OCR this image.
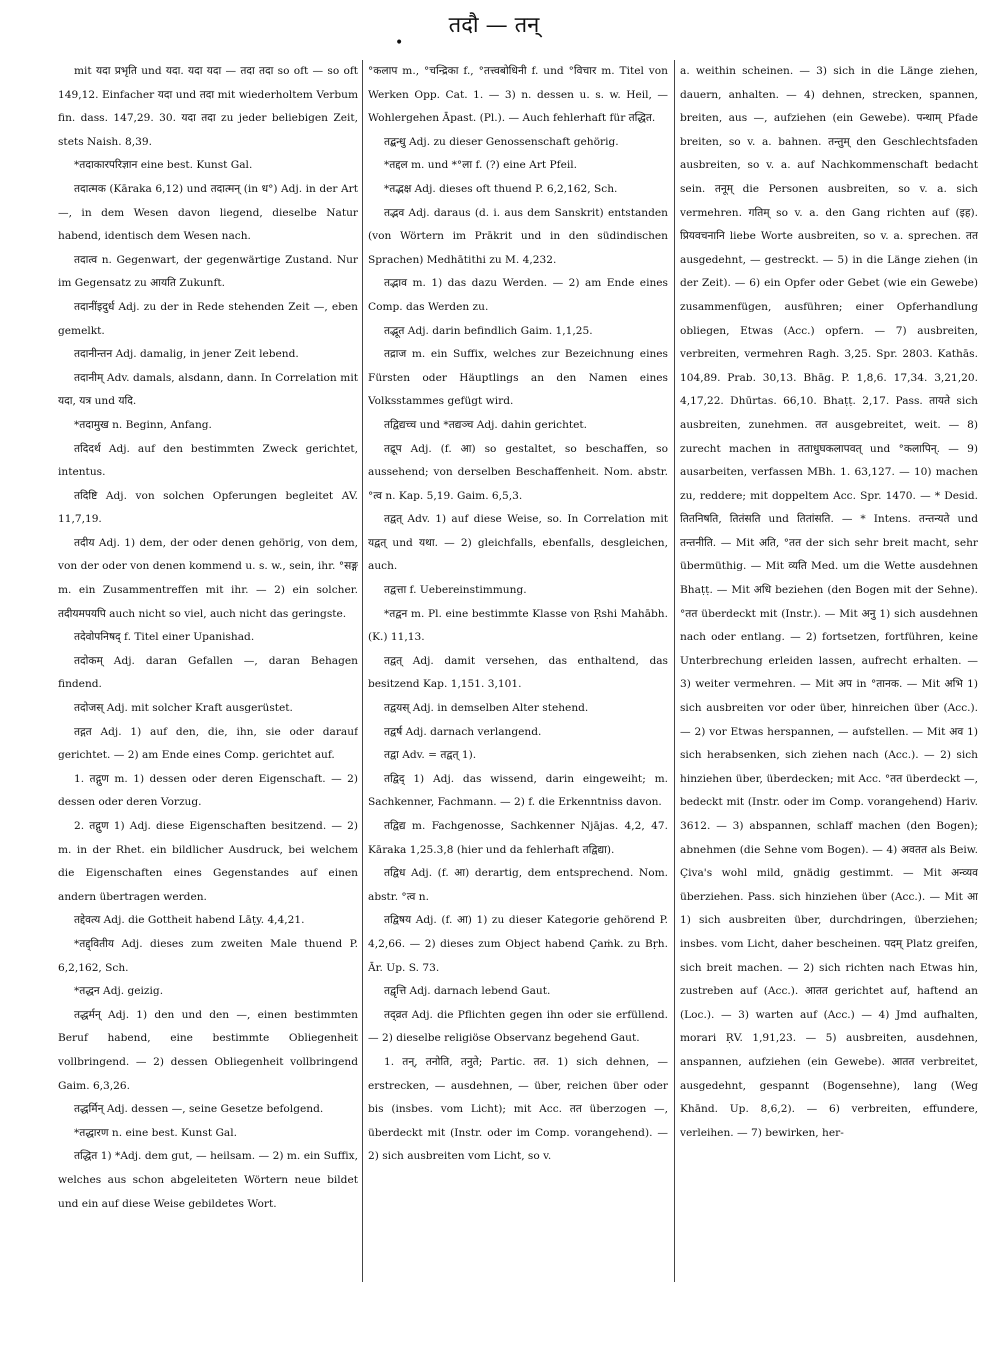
तदौ — तन्
•

mit यदा प्रभृति und यदा. यदा यदा — तदा तदा so oft — so oft 149,12. Einfacher यदा und तदा mit wiederholtem Verbum fin. dass. 147,29. 30. यदा तदा zu jeder beliebigen Zeit, stets Naish. 8,39.

*तदाकारपरिज्ञान eine best. Kunst Gal.

तदात्मक (Kāraka 6,12) und तदात्मन् (in ध°) Adj. in der Art —, in dem Wesen davon liegend, dieselbe Natur habend, identisch dem Wesen nach.

तदात्व n. Gegenwart, der gegenwärtige Zustand. Nur im Gegensatz zu आयति Zukunft.

तदानींइदुर्ध Adj. zu der in Rede stehenden Zeit —, eben gemelkt.

तदानीन्तन Adj. damalig, in jener Zeit lebend.

तदानीम् Adv. damals, alsdann, dann. In Correlation mit यदा, यत्र und यदि.

*तदामुख n. Beginn, Anfang.

तदिदर्थ Adj. auf den bestimmten Zweck gerichtet, intentus.

तदिष्टि Adj. von solchen Opferungen begleitet AV. 11,7,19.

तदीय Adj. 1) dem, der oder denen gehörig, von dem, von der oder von denen kommend u. s. w., sein, ihr. °सङ्ग m. ein Zusammentreffen mit ihr. — 2) ein solcher. तदीयमपयपि auch nicht so viel, auch nicht das geringste.

तदेवोपनिषद् f. Titel einer Upanishad.

तदोकम् Adj. daran Gefallen —, daran Behagen findend.

तदोजस् Adj. mit solcher Kraft ausgerüstet.

तद्गत Adj. 1) auf den, die, ihn, sie oder darauf gerichtet. — 2) am Ende eines Comp. gerichtet auf.

1. तद्गुण m. 1) dessen oder deren Eigenschaft. — 2) dessen oder deren Vorzug.

2. तद्गुण 1) Adj. diese Eigenschaften besitzend. — 2) m. in der Rhet. ein bildlicher Ausdruck, bei welchem die Eigenschaften eines Gegenstandes auf einen andern übertragen werden.

तद्देवत्य Adj. die Gottheit habend Lāṭy. 4,4,21.

*तद्द्वितीय Adj. dieses zum zweiten Male thuend P. 6,2,162, Sch.

*तद्धन Adj. geizig.

तद्धर्मन् Adj. 1) den und den —, einen bestimmten Beruf habend, eine bestimmte Obliegenheit vollbringend. — 2) dessen Obliegenheit vollbringend Gaim. 6,3,26.

तद्धर्मिन् Adj. dessen —, seine Gesetze befolgend.

*तद्धारण n. eine best. Kunst Gal.

तद्धित 1) *Adj. dem gut, — heilsam. — 2) m. ein Suffix, welches aus schon abgeleiteten Wörtern neue bildet und ein auf diese Weise gebildetes Wort.

°कलाप m., °चन्द्रिका f., °तत्त्वबोधिनी f. und °विचार m. Titel von Werken Opp. Cat. 1. — 3) n. dessen u. s. w. Heil, — Wohlergehen Āpast. (Pl.). — Auch fehlerhaft für तद्धित.

तद्बन्धु Adj. zu dieser Genossenschaft gehörig.

*तद्दल m. und *°ला f. (?) eine Art Pfeil.

*तद्भक्ष Adj. dieses oft thuend P. 6,2,162, Sch.

तद्भव Adj. daraus (d. i. aus dem Sanskrit) entstanden (von Wörtern im Prākrit und in den südindischen Sprachen) Medhātithi zu M. 4,232.

तद्भाव m. 1) das dazu Werden. — 2) am Ende eines Comp. das Werden zu.

तद्भूत Adj. darin befindlich Gaim. 1,1,25.

तद्राज m. ein Suffix, welches zur Bezeichnung eines Fürsten oder Häuptlings an den Namen eines Volksstammes gefügt wird.

तद्विद्यच्च und *तद्यञ्च Adj. dahin gerichtet.

तद्रूप Adj. (f. आ) so gestaltet, so beschaffen, so aussehend; von derselben Beschaffenheit. Nom. abstr. °त्व n. Kap. 5,19. Gaim. 6,5,3.

तद्वत् Adv. 1) auf diese Weise, so. In Correlation mit यद्वत् und यथा. — 2) gleichfalls, ebenfalls, desgleichen, auch.

तद्वत्ता f. Uebereinstimmung.

*तद्वन m. Pl. eine bestimmte Klasse von Ṛshi Mahābh. (K.) 11,13.

तद्वत् Adj. damit versehen, das enthaltend, das besitzend Kap. 1,151. 3,101.

तद्वयस् Adj. in demselben Alter stehend.

तद्वर्ष Adj. darnach verlangend.

तद्वा Adv. = तद्वत् 1).

तद्विद् 1) Adj. das wissend, darin eingeweiht; m. Sachkenner, Fachmann. — 2) f. die Erkenntniss davon.

तद्विद्य m. Fachgenosse, Sachkenner Njājas. 4,2, 47. Kāraka 1,25.3,8 (hier und da fehlerhaft तद्विद्या).

तद्विध Adj. (f. आ) derartig, dem entsprechend. Nom. abstr. °त्व n.

तद्विषय Adj. (f. आ) 1) zu dieser Kategorie gehörend P. 4,2,66. — 2) dieses zum Object habend Çaṁk. zu Bṛh. Ār. Up. S. 73.

तद्वृत्ति Adj. darnach lebend Gaut.

तद्व्रत Adj. die Pflichten gegen ihn oder sie erfüllend. — 2) dieselbe religiöse Observanz begehend Gaut.

1. तन्, तनोति, तनुते; Partic. तत. 1) sich dehnen, — erstrecken, — ausdehnen, — über, reichen über oder bis (insbes. vom Licht); mit Acc. तत überzogen —, überdeckt mit (Instr. oder im Comp. vorangehend). — 2) sich ausbreiten vom Licht, so v.

a. weithin scheinen. — 3) sich in die Länge ziehen, dauern, anhalten. — 4) dehnen, strecken, spannen, breiten, aus —, aufziehen (ein Gewebe). पन्थाम् Pfade breiten, so v. a. bahnen. तन्तुम् den Geschlechtsfaden ausbreiten, so v. a. auf Nachkommenschaft bedacht sein. तनूम् die Personen ausbreiten, so v. a. sich vermehren. गतिम् so v. a. den Gang richten auf (इह). प्रियवचनानि liebe Worte ausbreiten, so v. a. sprechen. तत ausgedehnt, — gestreckt. — 5) in die Länge ziehen (in der Zeit). — 6) ein Opfer oder Gebet (wie ein Gewebe) zusammenfügen, ausführen; einer Opferhandlung obliegen, Etwas (Acc.) opfern. — 7) ausbreiten, verbreiten, vermehren Ragh. 3,25. Spr. 2803. Kathās. 104,89. Prab. 30,13. Bhāg. P. 1,8,6. 17,34. 3,21,20. 4,17,22. Dhūrtas. 66,10. Bhaṭṭ. 2,17. Pass. तायते sich ausbreiten, zunehmen. तत ausgebreitet, weit. — 8) zurecht machen in तताधुघकलापवत् und °कलापिन्. — 9) ausarbeiten, verfassen MBh. 1. 63,127. — 10) machen zu, reddere; mit doppeltem Acc. Spr. 1470. — * Desid. तितनिषति, तितंसति und तितांसति. — * Intens. तन्तन्यते und तन्तनीति. — Mit अति, °तत der sich sehr breit macht, sehr übermüthig. — Mit व्यति Med. um die Wette ausdehnen Bhaṭṭ. — Mit अधि beziehen (den Bogen mit der Sehne). °तत überdeckt mit (Instr.). — Mit अनु 1) sich ausdehnen nach oder entlang. — 2) fortsetzen, fortführen, keine Unterbrechung erleiden lassen, aufrecht erhalten. — 3) weiter vermehren. — Mit अप in °तानक. — Mit अभि 1) sich ausbreiten vor oder über, hinreichen über (Acc.). — 2) vor Etwas herspannen, — aufstellen. — Mit अव 1) sich herabsenken, sich ziehen nach (Acc.). — 2) sich hinziehen über, überdecken; mit Acc. °तत überdeckt —, bedeckt mit (Instr. oder im Comp. vorangehend) Hariv. 3612. — 3) abspannen, schlaff machen (den Bogen); abnehmen (die Sehne vom Bogen). — 4) अवतत als Beiw. Çiva's wohl mild, gnädig gestimmt. — Mit अन्व्यव überziehen. Pass. sich hinziehen über (Acc.). — Mit आ 1) sich ausbreiten über, durchdringen, überziehen; insbes. vom Licht, daher bescheinen. पदम् Platz greifen, sich breit machen. — 2) sich richten nach Etwas hin, zustreben auf (Acc.). आतत gerichtet auf, haftend an (Loc.). — 3) warten auf (Acc.) — 4) Jmd aufhalten, morari ṚV. 1,91,23. — 5) ausbreiten, ausdehnen, anspannen, aufziehen (ein Gewebe). आतत verbreitet, ausgedehnt, gespannt (Bogensehne), lang (Weg Khānd. Up. 8,6,2). — 6) verbreiten, effundere, verleihen. — 7) bewirken, her-
